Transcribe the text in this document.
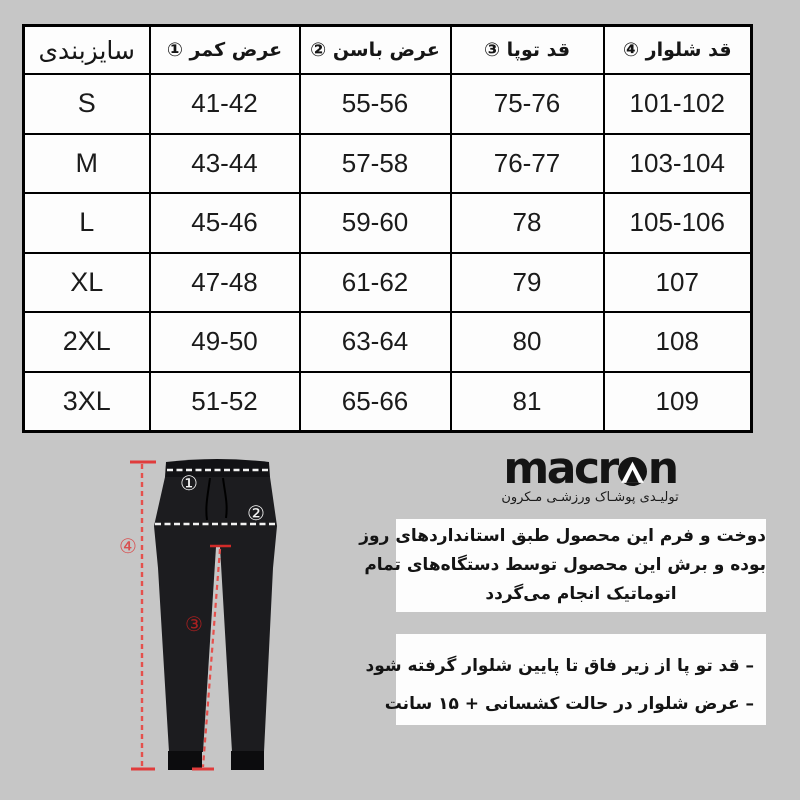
سایزبندی	عرض کمر ①	عرض باسن ②	قد توپا ③	قد شلوار ④
S	41-42	55-56	75-76	101-102
M	43-44	57-58	76-77	103-104
L	45-46	59-60	78	105-106
XL	47-48	61-62	79	107
2XL	49-50	63-64	80	108
3XL	51-52	65-66	81	109
①
②
③
④
macr n
تولیـدی پوشـاک ورزشـی مـکرون
دوخت و فرم این محصول طبق استانداردهای روز
بوده و برش این محصول توسط دستگاه‌های تمام
اتوماتیک انجام می‌گردد
– قد تو پا از زیر فاق تا پایین شلوار گرفته شود
– عرض شلوار در حالت کشسانی + ۱۵ سانت
